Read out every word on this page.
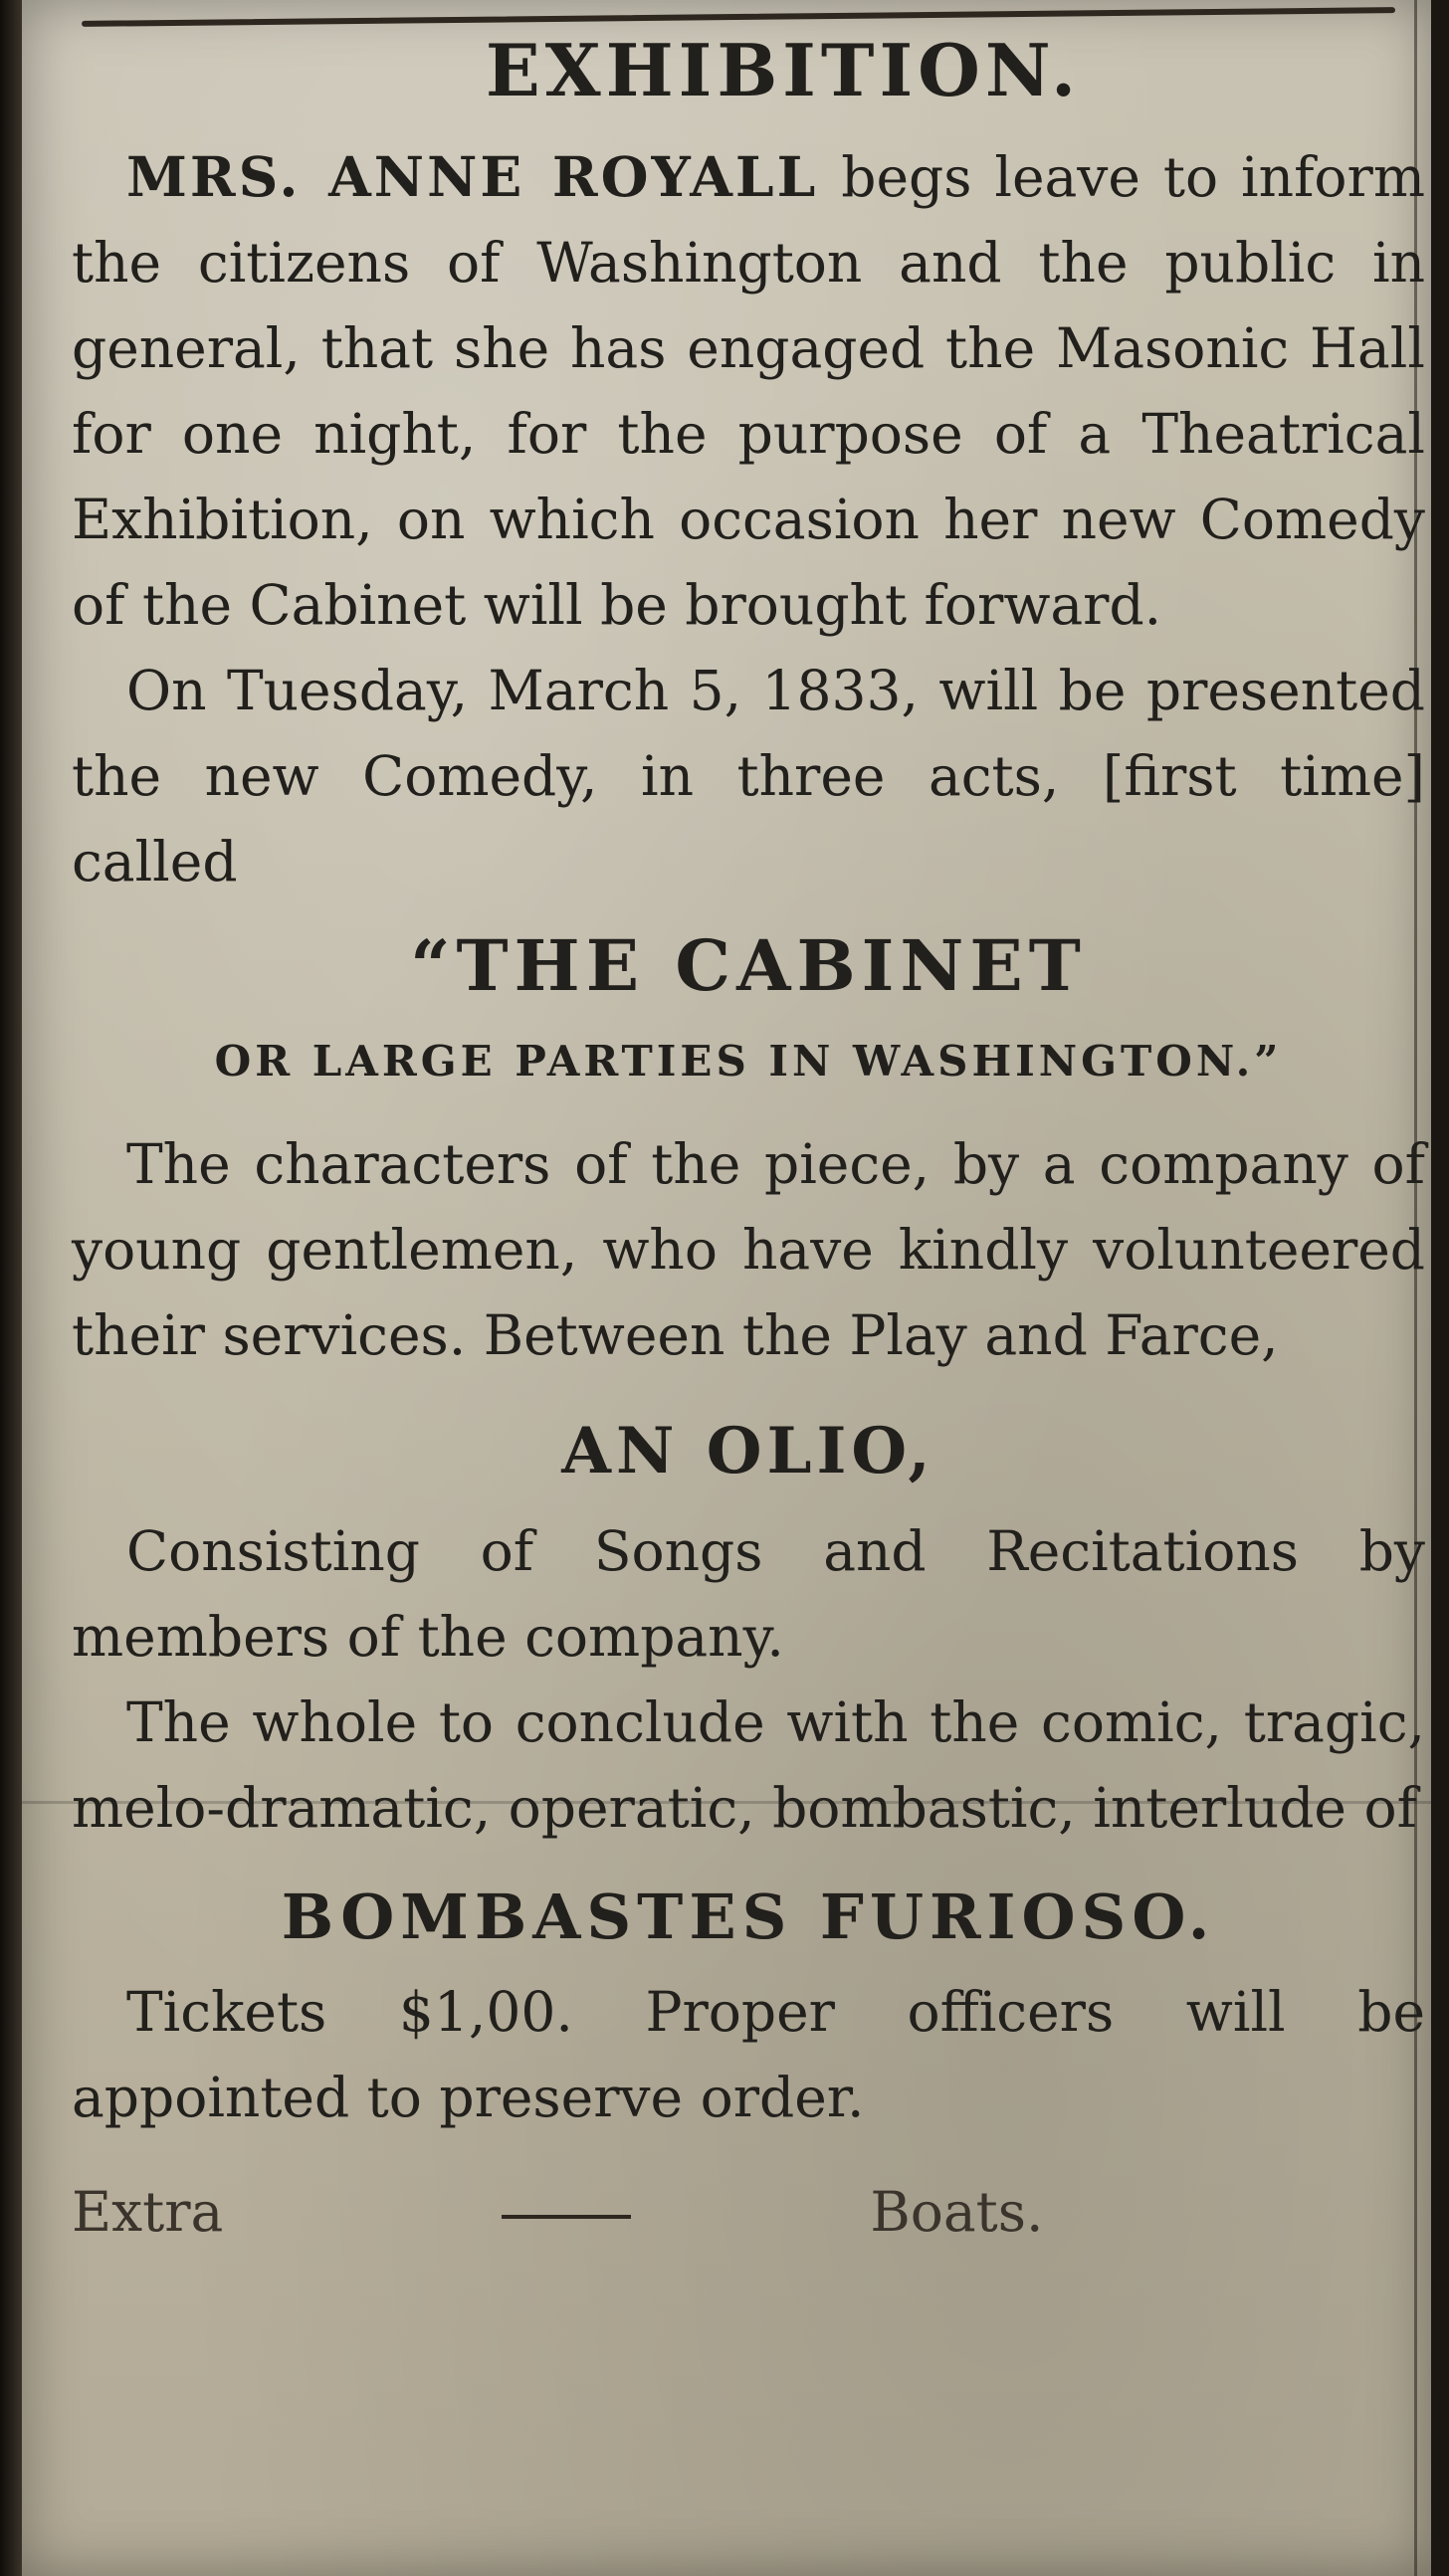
EXHIBITION.

MRS. ANNE ROYALL begs leave to inform the citizens of Washington and the public in general, that she has engaged the Masonic Hall for one night, for the purpose of a Theatrical Exhibition, on which occasion her new Comedy of the Cabinet will be brought forward.

On Tuesday, March 5, 1833, will be presented the new Comedy, in three acts, [first time] called

“THE CABINET
OR LARGE PARTIES IN WASHINGTON.”

The characters of the piece, by a company of young gentlemen, who have kindly volunteered their services. Between the Play and Farce,

AN OLIO,

Consisting of Songs and Recitations by members of the company.

The whole to conclude with the comic, tragic, melo-dramatic, operatic, bombastic, interlude of

BOMBASTES FURIOSO.

Tickets $1,00. Proper officers will be appointed to preserve order.

Extra	Boats.
